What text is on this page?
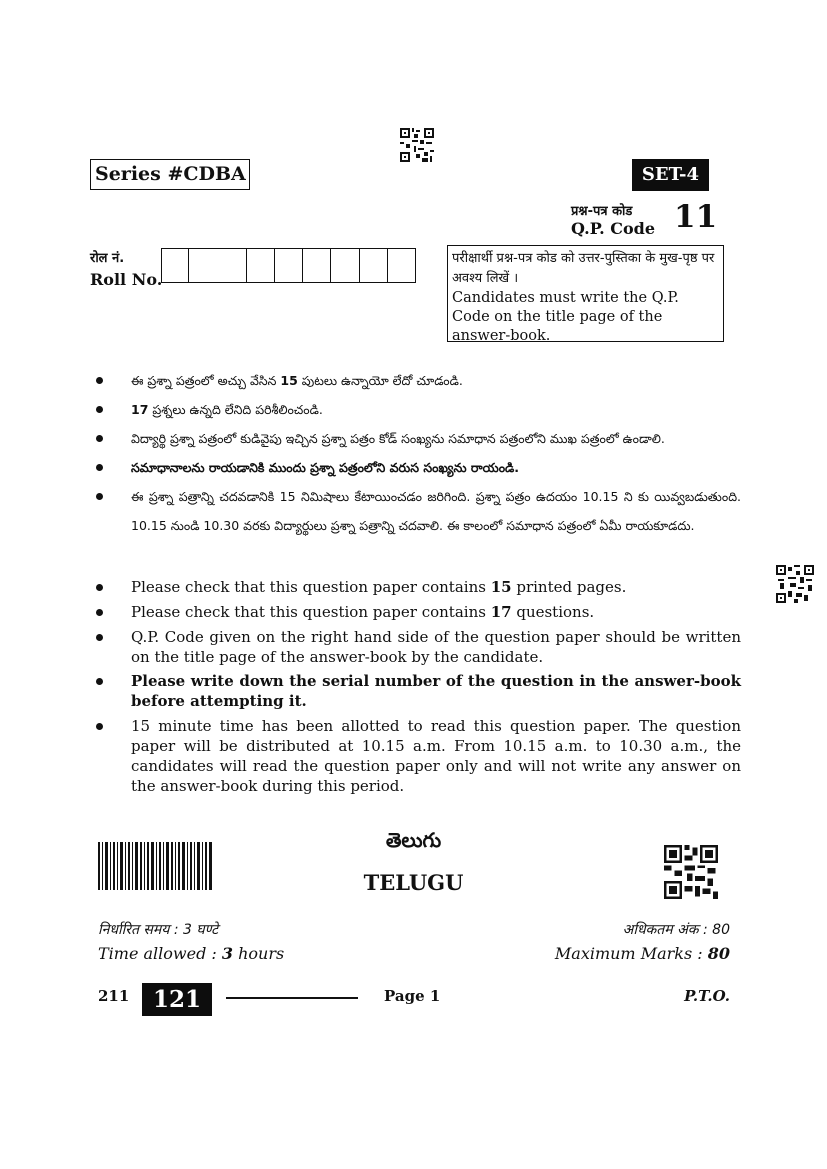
Series #CDBA	SET-4
प्रश्न-पत्र कोड
Q.P. Code 11
रोल नं.
Roll No.
परीक्षार्थी प्रश्न-पत्र कोड को उत्तर-पुस्तिका के मुख-पृष्ठ पर अवश्य लिखें ।
Candidates must write the Q.P. Code on the title page of the answer-book.
ఈ ప్రశ్నా పత్రంలో అచ్చు వేసిన 15 పుటలు ఉన్నాయో లేదో చూడండి.
17 ప్రశ్నలు ఉన్నది లేనిది పరిశీలించండి.
విద్యార్థి ప్రశ్నా పత్రంలో కుడివైపు ఇచ్చిన ప్రశ్నా పత్రం కోడ్ సంఖ్యను సమాధాన పత్రంలోని ముఖ పత్రంలో ఉండాలి.
సమాధానాలను రాయడానికి ముందు ప్రశ్నా పత్రంలోని వరుస సంఖ్యను రాయండి.
ఈ ప్రశ్నా పత్రాన్ని చదవడానికి 15 నిమిషాలు కేటాయించడం జరిగింది. ప్రశ్నా పత్రం ఉదయం 10.15 ని కు యివ్వబడుతుంది. 10.15 నుండి 10.30 వరకు విద్యార్థులు ప్రశ్నా పత్రాన్ని చదవాలి. ఈ కాలంలో సమాధాన పత్రంలో ఏమీ రాయకూడదు.
Please check that this question paper contains 15 printed pages.
Please check that this question paper contains 17 questions.
Q.P. Code given on the right hand side of the question paper should be written on the title page of the answer-book by the candidate.
Please write down the serial number of the question in the answer-book before attempting it.
15 minute time has been allotted to read this question paper. The question paper will be distributed at 10.15 a.m. From 10.15 a.m. to 10.30 a.m., the candidates will read the question paper only and will not write any answer on the answer-book during this period.
తెలుగు
TELUGU
निर्धारित समय : 3 घण्टे
Time allowed : 3 hours
अधिकतम अंक : 80
Maximum Marks : 80
211	121	Page 1	P.T.O.
